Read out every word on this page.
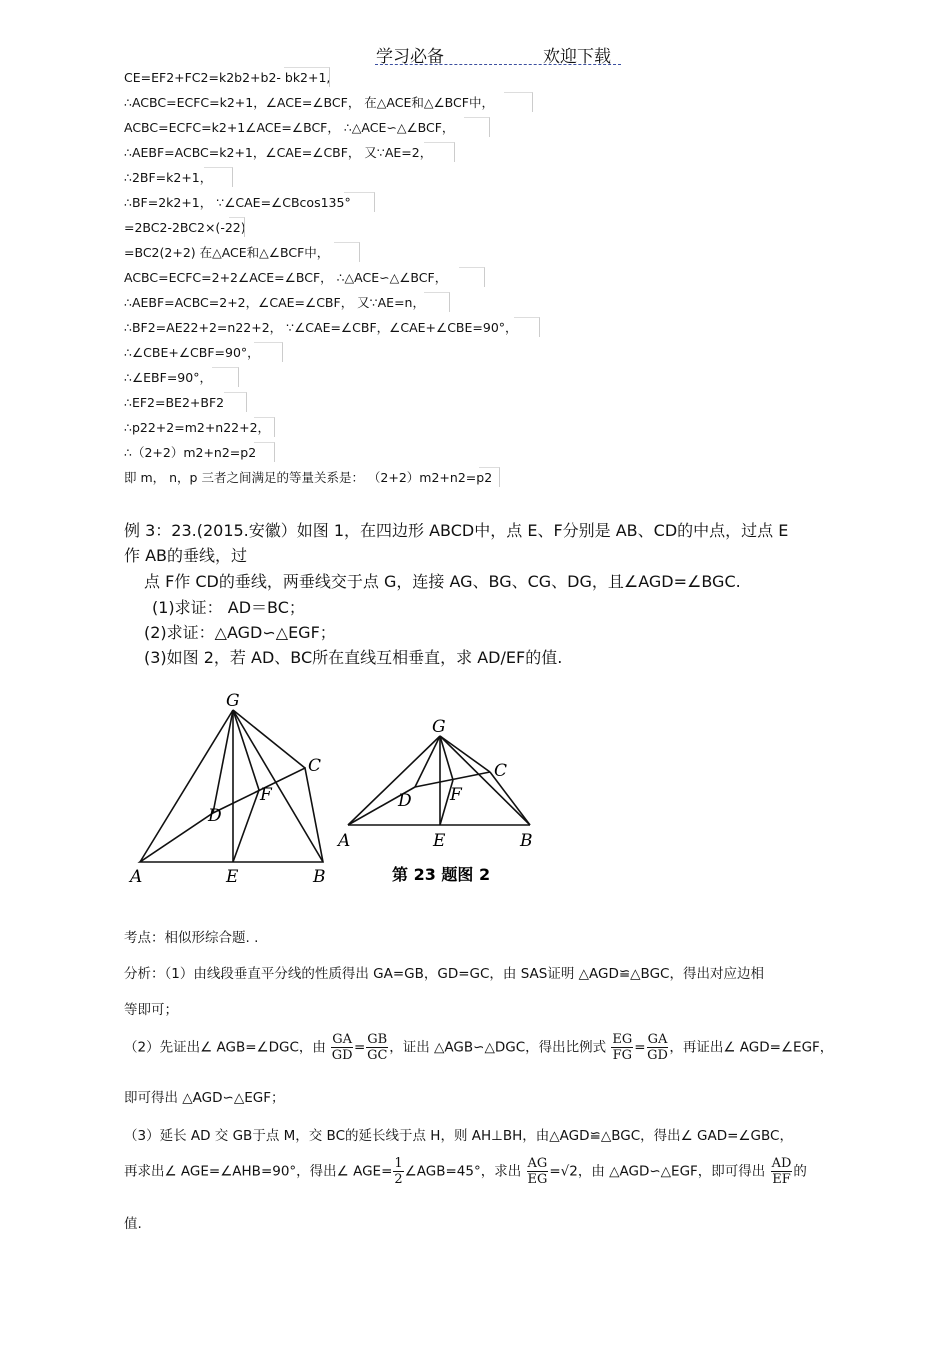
学习必备	欢迎下载
CE=EF2+FC2=k2b2+b2- bk2+1,
∴ACBC=ECFC=k2+1，∠ACE=∠BCF， 在△ACE和△∠BCF中，
ACBC=ECFC=k2+1∠ACE=∠BCF， ∴△ACE∽△∠BCF，
∴AEBF=ACBC=k2+1，∠CAE=∠CBF， 又∵AE=2，
∴2BF=k2+1，
∴BF=2k2+1， ∵∠CAE=∠CBcos135°
=2BC2-2BC2×(-22)
=BC2(2+2) 在△ACE和△∠BCF中，
ACBC=ECFC=2+2∠ACE=∠BCF， ∴△ACE∽△∠BCF，
∴AEBF=ACBC=2+2，∠CAE=∠CBF， 又∵AE=n，
∴BF2=AE22+2=n22+2， ∵∠CAE=∠CBF，∠CAE+∠CBE=90°，
∴∠CBE+∠CBF=90°，
∴∠EBF=90°，
∴EF2=BE2+BF2
∴p22+2=m2+n22+2，
∴（2+2）m2+n2=p2
即 m， n，p 三者之间满足的等量关系是： （2+2）m2+n2=p2
例 3：23.(2015.安徽）如图 1，在四边形 ABCD中，点 E、F分别是 AB、CD的中点，过点 E
作 AB的垂线，过
点 F作 CD的垂线，两垂线交于点 G，连接 AG、BG、CG、DG，且∠AGD=∠BGC.
(1)求证： AD＝BC；
(2)求证：△AGD∽△EGF；
(3)如图 2，若 AD、BC所在直线互相垂直，求 AD/EF的值.
G
C
D
F
A	E	B
G
C
D F
A	E	B
第 23 题图 2
考点：相似形综合题. .
分析：（1）由线段垂直平分线的性质得出 GA=GB，GD=GC，由 SAS证明 △AGD≌△BGC，得出对应边相
等即可；
（2）先证出∠ AGB=∠DGC，由 $\frac{GA}{GD} = \frac{GB}{GC}$ ，证出 △AGB∽△DGC，得出比例式 $\frac{EG}{FG} = \frac{GA}{GD}$ ，再证出∠ AGD=∠EGF，
即可得出 △AGD∽△EGF；
（3）延长 AD 交 GB于点 M，交 BC的延长线于点 H，则 AH⊥BH，由△AGD≌△BGC，得出∠ GAD=∠GBC，
再求出∠ AGE=∠AHB=90°，得出∠ $AGE= \frac{1}{2}$ ∠AGB=45°，求出 $\frac{AG}{EG} =√2$，由 △AGD∽△EGF，即可得出 $\frac{AD}{EF}$ 的
值.
